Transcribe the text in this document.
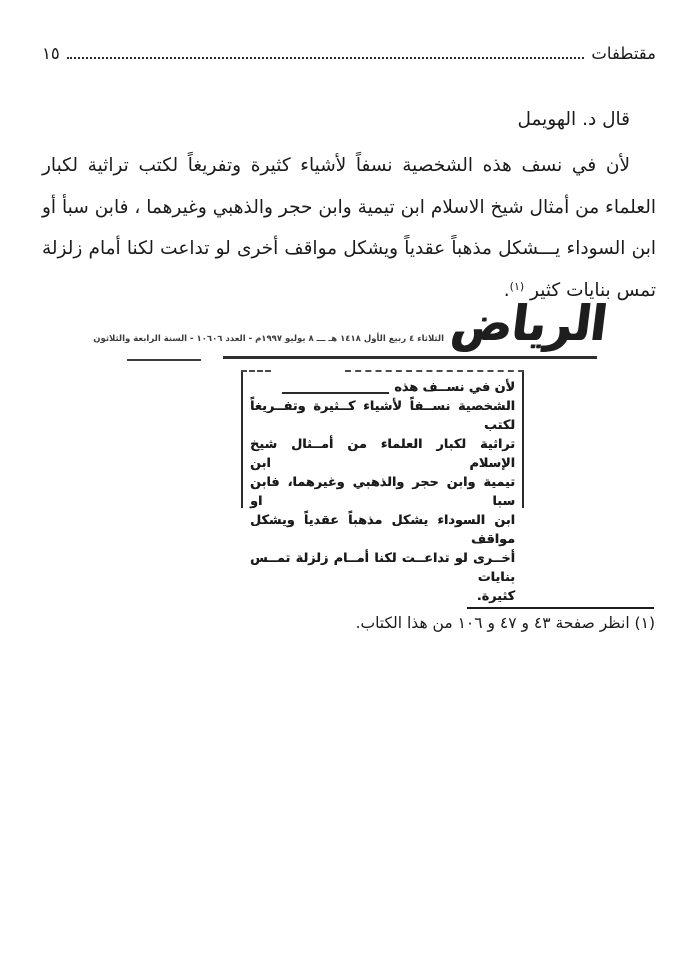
مقتطفات
١٥
قال د. الهويمل

لأن في نسف هذه الشخصية نسفاً لأشياء كثيرة وتفريغاً لكتب تراثية لكبار العلماء من أمثال شيخ الاسلام ابن تيمية وابن حجر والذهبي وغيرهما ، فابن سبأ أو ابن السوداء يـــشكل مذهباً عقدياً ويشكل مواقف أخرى لو تداعت لكنا أمام زلزلة تمس بنايات كثير $^{(١)}$.

الرياض
الثلاثاء ٤ ربيع الأول ١٤١٨ هـ ـــ ٨ يوليو ١٩٩٧م - العدد ١٠٦٠٦ - السنة الرابعة والثلاثون
لأن في نســف هذه
الشخصية نســفاً لأشياء كــثيرة وتفــريغاً لكتب
تراثية لكبار العلماء من أمــثال شيخ الإسلام ابن
تيمية وابن حجر والذهبي وغيرهما، فابن سبا او
ابن السوداء يشكل مذهباً عقدياً ويشكل مواقف
أخــرى لو تداعــت لكنا أمــام زلزلة تمــس بنايات
كثيرة.
(١) انظر صفحة ٤٣ و ٤٧ و ١٠٦ من هذا الكتاب.
